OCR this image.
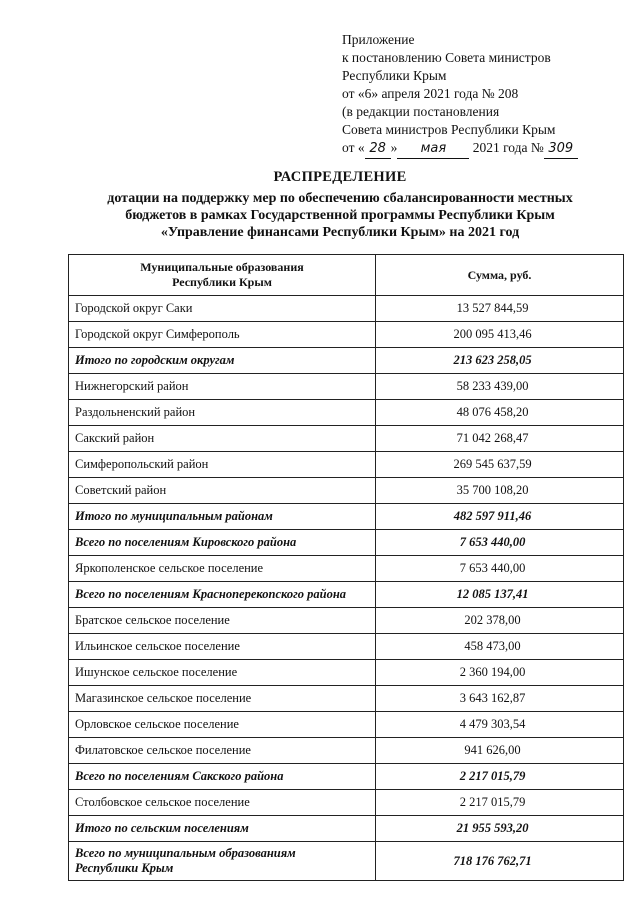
Приложение
к постановлению Совета министров
Республики Крым
от «6» апреля 2021 года № 208
(в редакции постановления
Совета министров Республики Крым
от « 28 » мая 2021 года № 309
РАСПРЕДЕЛЕНИЕ
дотации на поддержку мер по обеспечению сбалансированности местных
бюджетов в рамках Государственной программы Республики Крым
«Управление финансами Республики Крым» на 2021 год
Муниципальные образования
Республики Крым	Сумма, руб.
Городской округ Саки	13 527 844,59
Городской округ Симферополь	200 095 413,46
Итого по городским округам	213 623 258,05
Нижнегорский район	58 233 439,00
Раздольненский район	48 076 458,20
Сакский район	71 042 268,47
Симферопольский район	269 545 637,59
Советский район	35 700 108,20
Итого по муниципальным районам	482 597 911,46
Всего по поселениям Кировского района	7 653 440,00
Яркополенское сельское поселение	7 653 440,00
Всего по поселениям Красноперекопского района	12 085 137,41
Братское сельское поселение	202 378,00
Ильинское сельское поселение	458 473,00
Ишунское сельское поселение	2 360 194,00
Магазинское сельское поселение	3 643 162,87
Орловское сельское поселение	4 479 303,54
Филатовское сельское поселение	941 626,00
Всего по поселениям Сакского района	2 217 015,79
Столбовское сельское поселение	2 217 015,79
Итого по сельским поселениям	21 955 593,20
Всего по муниципальным образованиям
Республики Крым	718 176 762,71
